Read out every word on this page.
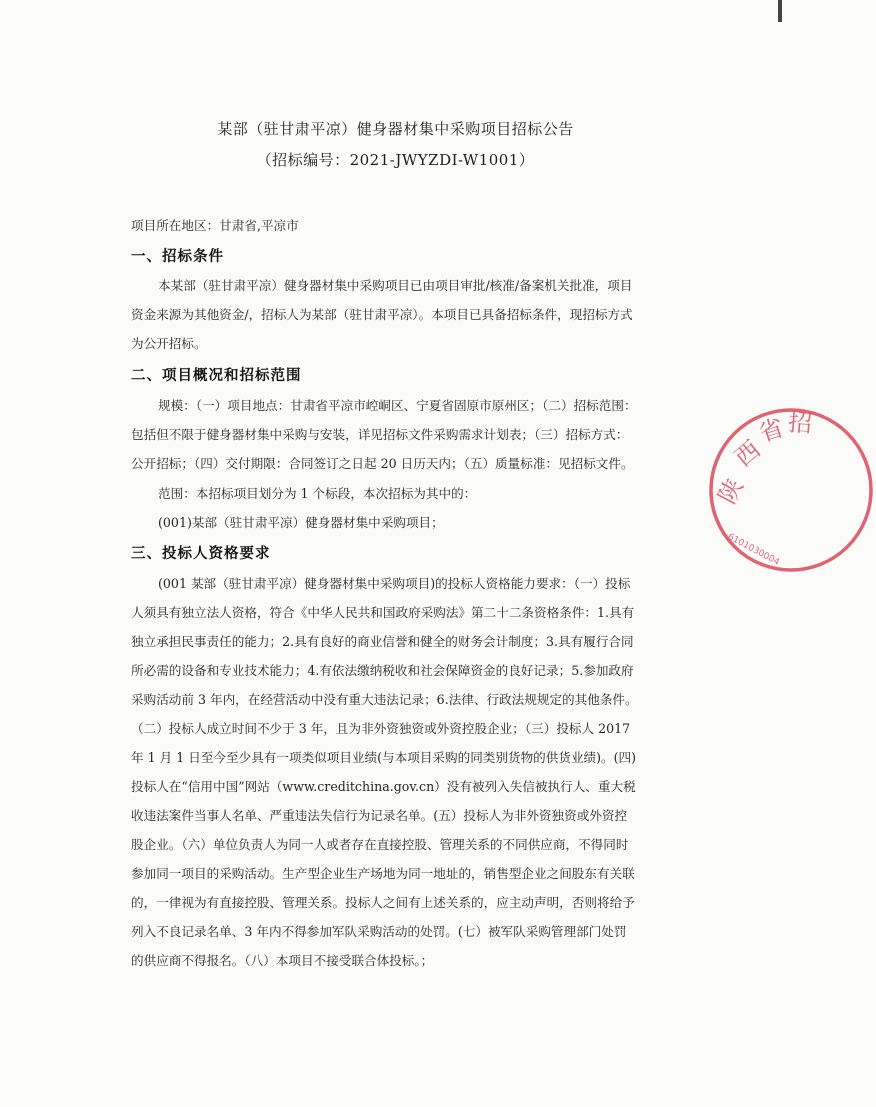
某部（驻甘肃平凉）健身器材集中采购项目招标公告
（招标编号：2021-JWYZDI-W1001）
项目所在地区：甘肃省,平凉市
一、招标条件
本某部（驻甘肃平凉）健身器材集中采购项目已由项目审批/核准/备案机关批准，项目
资金来源为其他资金/，招标人为某部（驻甘肃平凉）。本项目已具备招标条件，现招标方式
为公开招标。
二、项目概况和招标范围
规模：（一）项目地点：甘肃省平凉市崆峒区、宁夏省固原市原州区；（二）招标范围：
包括但不限于健身器材集中采购与安装，详见招标文件采购需求计划表；（三）招标方式：
公开招标；（四）交付期限：合同签订之日起 20 日历天内；（五）质量标准：见招标文件。
范围：本招标项目划分为 1 个标段，本次招标为其中的：
(001)某部（驻甘肃平凉）健身器材集中采购项目；
三、投标人资格要求
(001 某部（驻甘肃平凉）健身器材集中采购项目)的投标人资格能力要求：（一）投标
人须具有独立法人资格，符合《中华人民共和国政府采购法》第二十二条资格条件：1.具有
独立承担民事责任的能力；2.具有良好的商业信誉和健全的财务会计制度；3.具有履行合同
所必需的设备和专业技术能力；4.有依法缴纳税收和社会保障资金的良好记录；5.参加政府
采购活动前 3 年内，在经营活动中没有重大违法记录；6.法律、行政法规规定的其他条件。
（二）投标人成立时间不少于 3 年，且为非外资独资或外资控股企业；（三）投标人 2017
年 1 月 1 日至今至少具有一项类似项目业绩(与本项目采购的同类别货物的供货业绩)。(四)
投标人在“信用中国”网站（www.creditchina.gov.cn）没有被列入失信被执行人、重大税
收违法案件当事人名单、严重违法失信行为记录名单。(五）投标人为非外资独资或外资控
股企业。（六）单位负责人为同一人或者存在直接控股、管理关系的不同供应商，不得同时
参加同一项目的采购活动。生产型企业生产场地为同一地址的，销售型企业之间股东有关联
的，一律视为有直接控股、管理关系。投标人之间有上述关系的，应主动声明，否则将给予
列入不良记录名单、3 年内不得参加军队采购活动的处罚。(七）被军队采购管理部门处罚
的供应商不得报名。（八）本项目不接受联合体投标。；
陕
西
省 招
6101030004
